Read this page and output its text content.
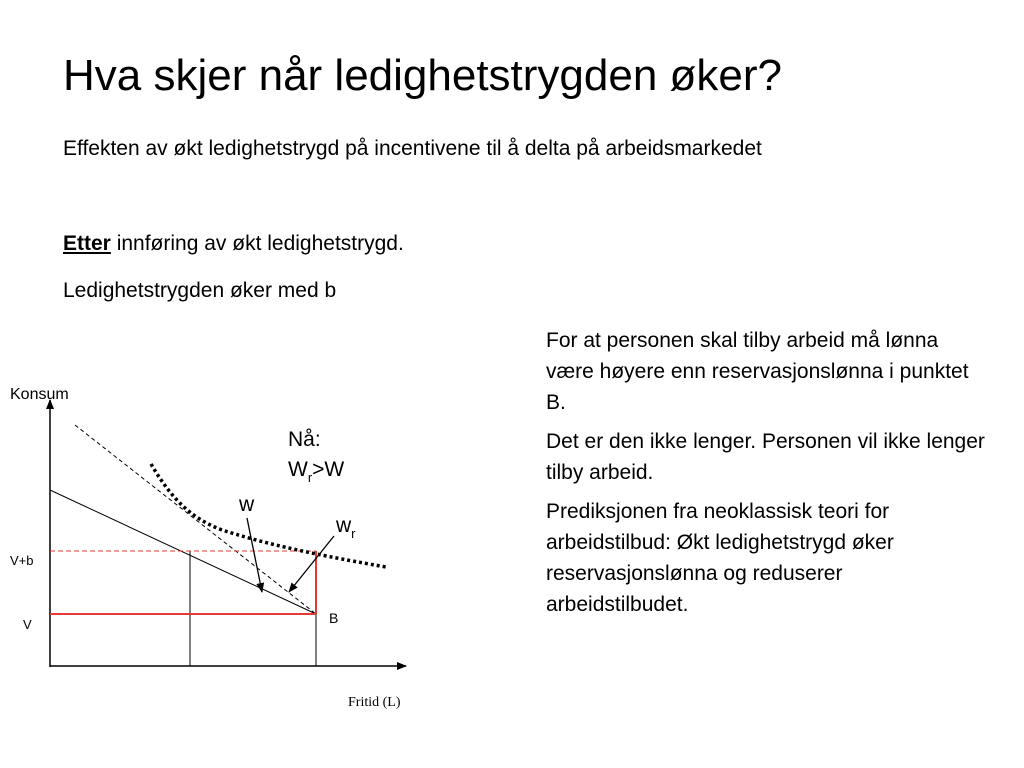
Hva skjer når ledighetstrygden øker?
Effekten av økt ledighetstrygd på incentivene til å delta på arbeidsmarkedet
Etter innføring av økt ledighetstrygd.
Ledighetstrygden øker med b

For at personen skal tilby arbeid må lønna være høyere enn reservasjonslønna i punktet B.

Det er den ikke lenger. Personen vil ikke lenger tilby arbeid.

Prediksjonen fra neoklassisk teori for arbeidstilbud: Økt ledighetstrygd øker reservasjonslønna og reduserer arbeidstilbudet.

Konsum
Fritid (L)
V+b
V	B
Nå:
$W_r>W$
w
$w_r$
